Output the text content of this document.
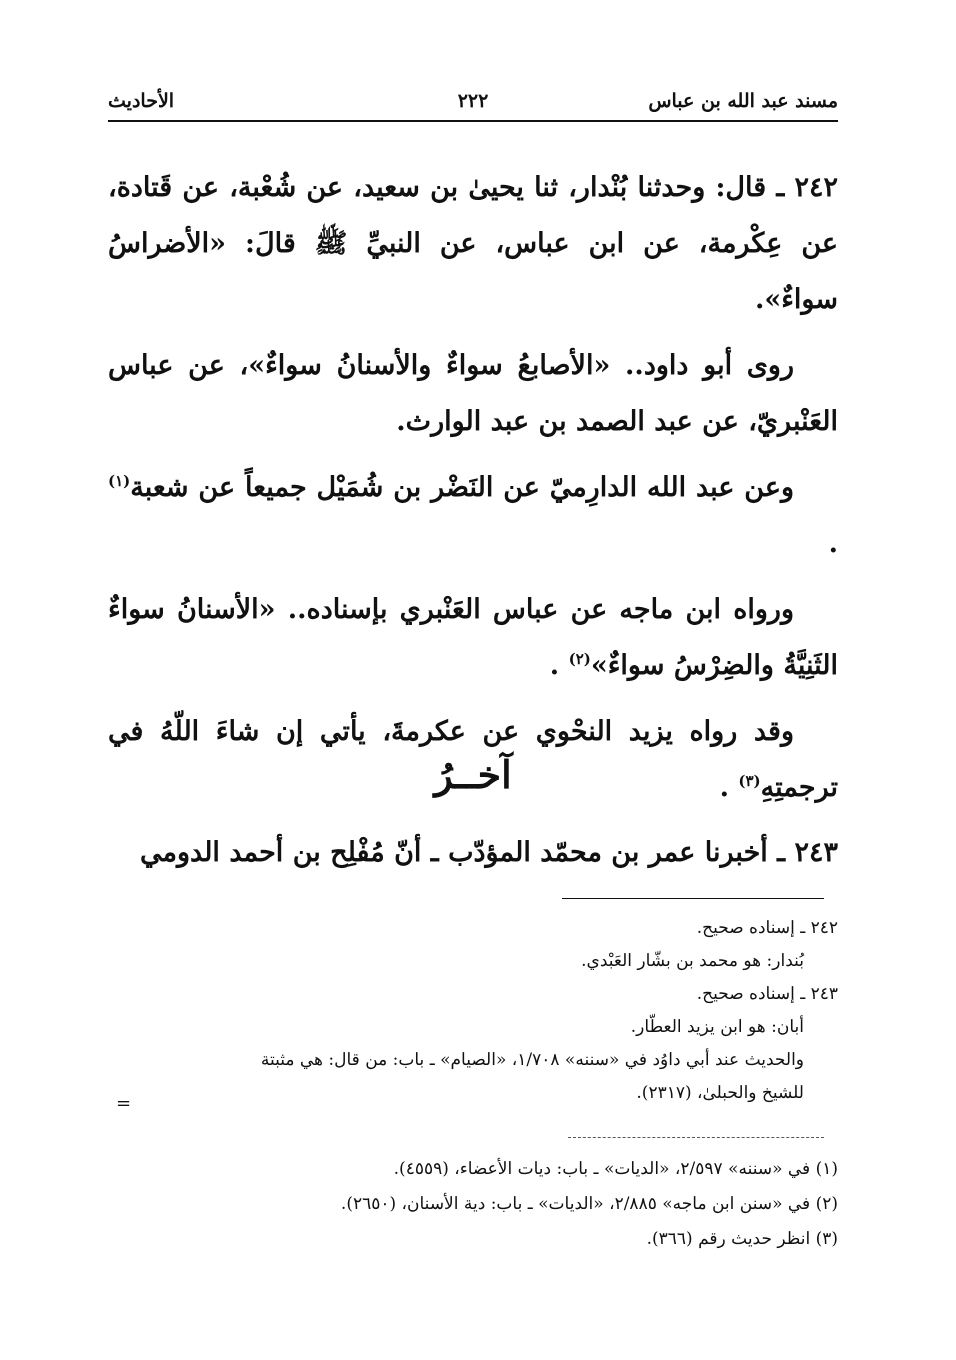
مسند عبد الله بن عباس
٢٢٢
الأحاديث

٢٤٢ ـ قال: وحدثنا بُنْدار، ثنا يحيىٰ بن سعيد، عن شُعْبة، عن قَتادة، عن عِكْرمة، عن ابن عباس، عن النبيِّ ﷺ قالَ: «الأضراسُ سواءٌ».

روى أبو داود.. «الأصابعُ سواءٌ والأسنانُ سواءٌ»، عن عباس العَنْبريّ، عن عبد الصمد بن عبد الوارث.

وعن عبد الله الدارِميّ عن النَضْر بن شُمَيْل جميعاً عن شعبة$^{(١)}$ .

ورواه ابن ماجه عن عباس العَنْبري بإسناده.. «الأسنانُ سواءٌ الثَنِيَّةُ والضِرْسُ سواءٌ»$^{(٢)}$ .

وقد رواه يزيد النحْوي عن عكرمةَ، يأتي إن شاءَ اللّهُ في ترجمتِهِ$^{(٣)}$ .

آخــرُ
٢٤٣ ـ أخبرنا عمر بن محمّد المؤدّب ـ أنّ مُفْلِح بن أحمد الدومي

٢٤٢ ـ إسناده صحيح.

بُندار: هو محمد بن بشّار العَبْدي.

٢٤٣ ـ إسناده صحيح.

أبان: هو ابن يزيد العطّار.

والحديث عند أبي داوُد في «سننه» ١/٧٠٨، «الصيام» ـ باب: من قال: هي مثبتة

للشيخ والحبلىٰ، (٢٣١٧).

=

(١) في «سننه» ٢/٥٩٧، «الديات» ـ باب: ديات الأعضاء، (٤٥٥٩).

(٢) في «سنن ابن ماجه» ٢/٨٨٥، «الديات» ـ باب: دية الأسنان، (٢٦٥٠).

(٣) انظر حديث رقم (٣٦٦).
